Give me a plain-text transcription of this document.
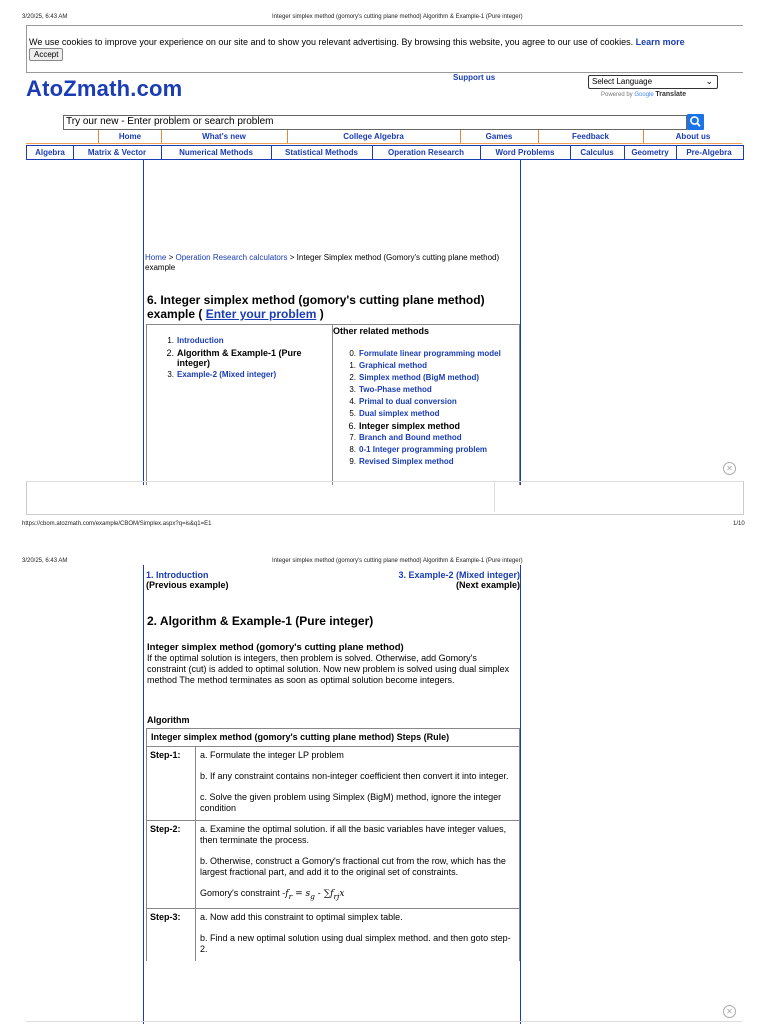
3/20/25, 6:43 AM	Integer simplex method (gomory's cutting plane method) Algorithm & Example-1 (Pure integer)
We use cookies to improve your experience on our site and to show you relevant advertising. By browsing this website, you agree to our use of cookies. Learn more
Accept
AtoZmath.com	Support us	Select Language	⌄
Powered by Google Translate
Try our new - Enter problem or search problem
Home	What's new	College Algebra	Games	Feedback	About us
Algebra	Matrix & Vector	Numerical Methods	Statistical Methods	Operation Research	Word Problems	Calculus	Geometry	Pre-Algebra
Home > Operation Research calculators > Integer Simplex method (Gomory's cutting plane method) example
6. Integer simplex method (gomory's cutting plane method) example ( Enter your problem )
1. Introduction
2. Algorithm & Example-1 (Pure integer)
3. Example-2 (Mixed integer)
Other related methods
0. Formulate linear programming model
1. Graphical method
2. Simplex method (BigM method)
3. Two-Phase method
4. Primal to dual conversion
5. Dual simplex method
6. Integer simplex method
7. Branch and Bound method
8. 0-1 Integer programming problem
9. Revised Simplex method
✕
https://cbom.atozmath.com/example/CBOM/Simplex.aspx?q=is&q1=E1	1/10
3/20/25, 6:43 AM	Integer simplex method (gomory's cutting plane method) Algorithm & Example-1 (Pure integer)
1. Introduction	3. Example-2 (Mixed integer)
(Previous example)	(Next example)
2. Algorithm & Example-1 (Pure integer)
Integer simplex method (gomory's cutting plane method)
If the optimal solution is integers, then problem is solved. Otherwise, add Gomory's constraint (cut) is added to optimal solution. Now new problem is solved using dual simplex method The method terminates as soon as optimal solution become integers.
Algorithm
Integer simplex method (gomory's cutting plane method) Steps (Rule)
Step-1:	a. Formulate the integer LP problem

b. If any constraint contains non-integer coefficient then convert it into integer.

c. Solve the given problem using Simplex (BigM) method, ignore the integer condition

Step-2:	a. Examine the optimal solution. if all the basic variables have integer values, then terminate the process.

b. Otherwise, construct a Gomory's fractional cut from the row, which has the largest fractional part, and add it to the original set of constraints.

Gomory's constraint $-f_r = s_g - \sum f_{rj}x$

Step-3:	a. Now add this constraint to optimal simplex table.

b. Find a new optimal solution using dual simplex method. and then goto step-2.

✕
